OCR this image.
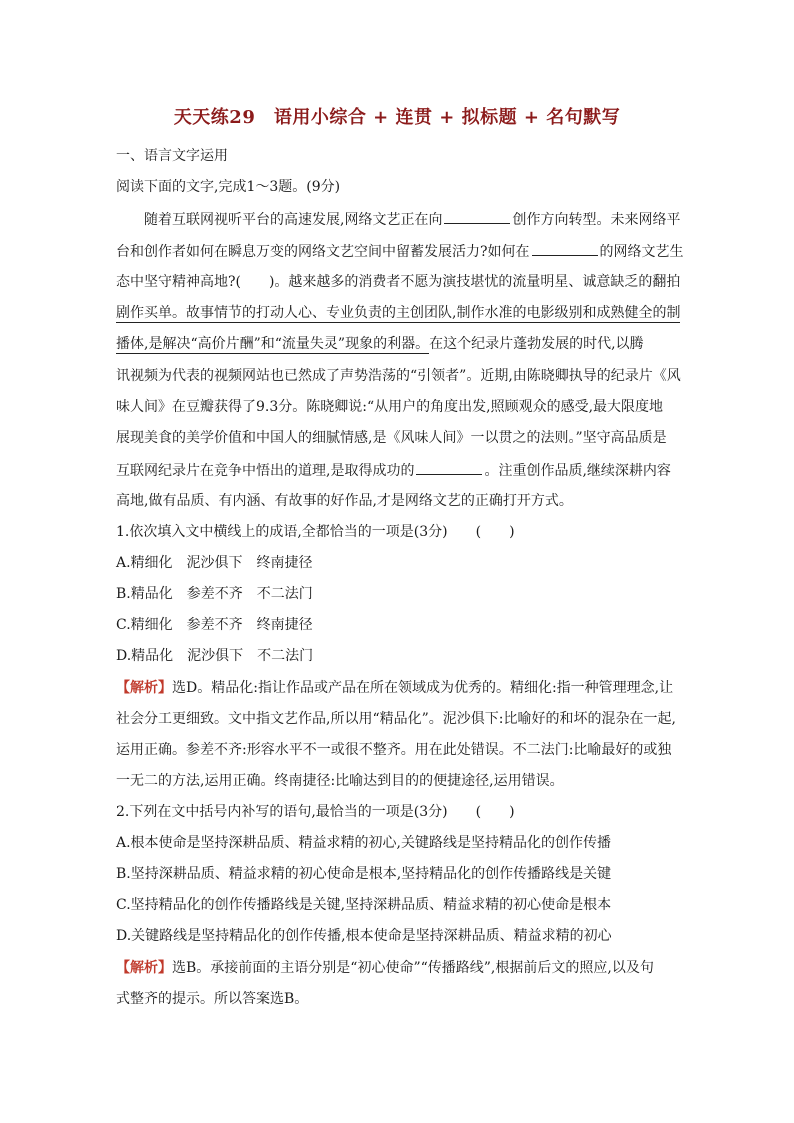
天天练29　语用小综合 + 连贯 + 拟标题 + 名句默写
一、语言文字运用
阅读下面的文字,完成1～3题。(9分)
随着互联网视听平台的高速发展,网络文艺正在向	创作方向转型。未来网络平
台和创作者如何在瞬息万变的网络文艺空间中留蓄发展活力?如何在	的网络文艺生
态中坚守精神高地?(　　)。越来越多的消费者不愿为演技堪忧的流量明星、诚意缺乏的翻拍
剧作买单。故事情节的打动人心、专业负责的主创团队,制作水准的电影级别和成熟健全的制
播体,是解决“高价片酬”和“流量失灵”现象的利器。在这个纪录片蓬勃发展的时代,以腾
讯视频为代表的视频网站也已然成了声势浩荡的“引领者”。近期,由陈晓卿执导的纪录片《风
味人间》在豆瓣获得了9.3分。陈晓卿说:“从用户的角度出发,照顾观众的感受,最大限度地
展现美食的美学价值和中国人的细腻情感,是《风味人间》一以贯之的法则。”坚守高品质是
互联网纪录片在竞争中悟出的道理,是取得成功的	。注重创作品质,继续深耕内容
高地,做有品质、有内涵、有故事的好作品,才是网络文艺的正确打开方式。
1.依次填入文中横线上的成语,全都恰当的一项是(3分)　　(　　)
A.精细化　泥沙俱下　终南捷径
B.精品化　参差不齐　不二法门
C.精细化　参差不齐　终南捷径
D.精品化　泥沙俱下　不二法门
【解析】选D。精品化:指让作品或产品在所在领域成为优秀的。精细化:指一种管理理念,让
社会分工更细致。文中指文艺作品,所以用“精品化”。泥沙俱下:比喻好的和坏的混杂在一起,
运用正确。参差不齐:形容水平不一或很不整齐。用在此处错误。不二法门:比喻最好的或独
一无二的方法,运用正确。终南捷径:比喻达到目的的便捷途径,运用错误。
2.下列在文中括号内补写的语句,最恰当的一项是(3分)　　(　　)
A.根本使命是坚持深耕品质、精益求精的初心,关键路线是坚持精品化的创作传播
B.坚持深耕品质、精益求精的初心使命是根本,坚持精品化的创作传播路线是关键
C.坚持精品化的创作传播路线是关键,坚持深耕品质、精益求精的初心使命是根本
D.关键路线是坚持精品化的创作传播,根本使命是坚持深耕品质、精益求精的初心
【解析】选B。承接前面的主语分别是“初心使命”“传播路线”,根据前后文的照应,以及句
式整齐的提示。所以答案选B。
